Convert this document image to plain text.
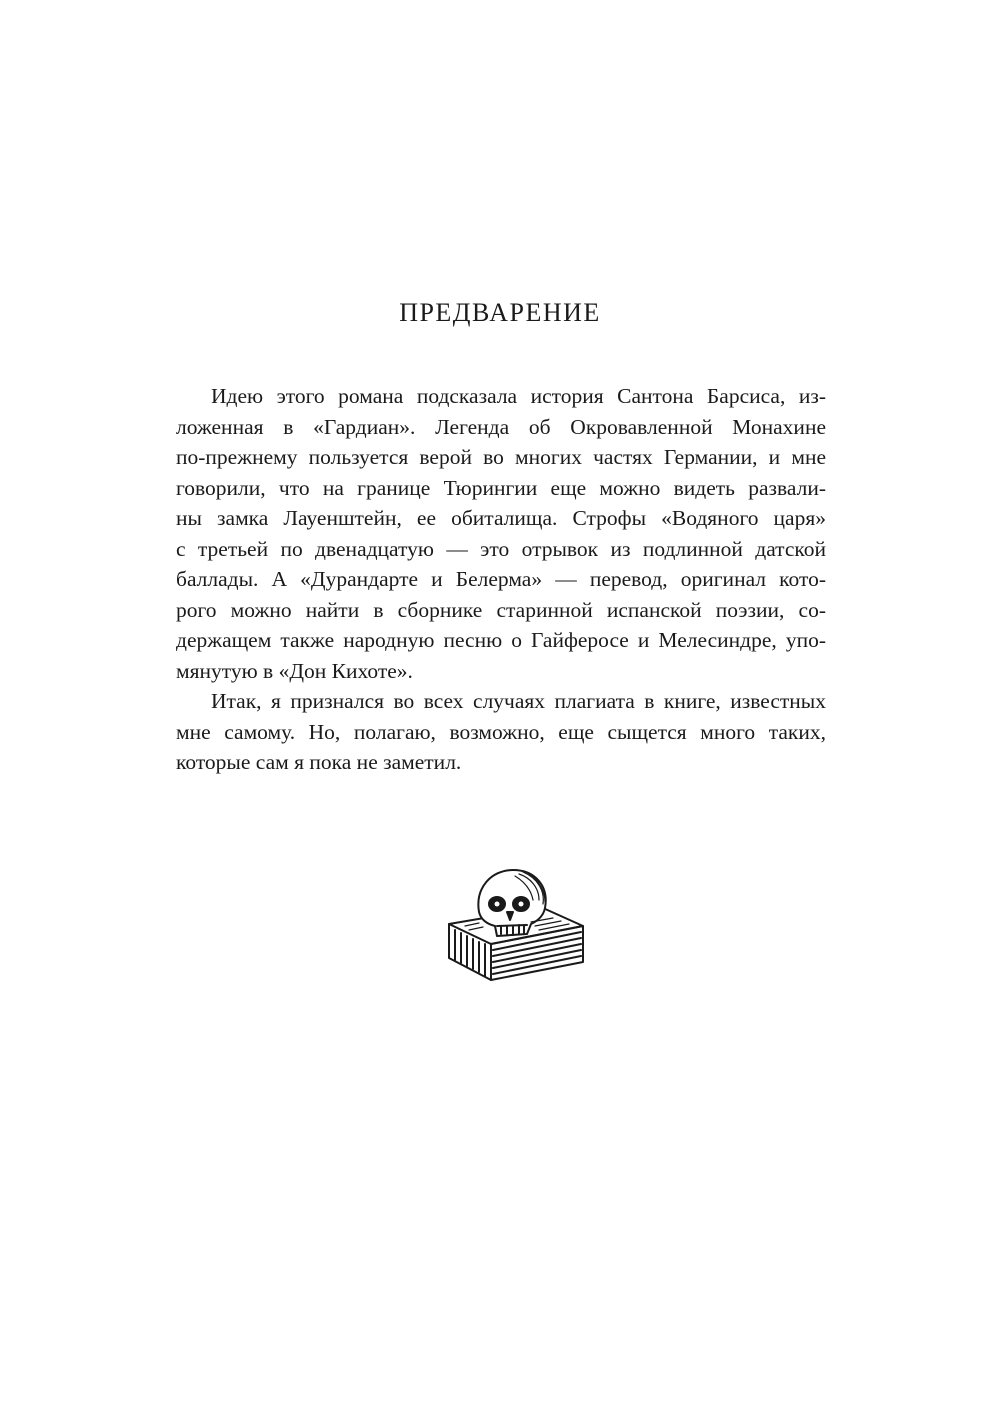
ПРЕДВАРЕНИЕ
Идею этого романа подсказала история Сантона Барсиса, из-
ложенная в «Гардиан». Легенда об Окровавленной Монахине
по-прежнему пользуется верой во многих частях Германии, и мне
говорили, что на границе Тюрингии еще можно видеть развали-
ны замка Лауенштейн, ее обиталища. Строфы «Водяного царя»
с третьей по двенадцатую — это отрывок из подлинной датской
баллады. А «Дурандарте и Белерма» — перевод, оригинал кото-
рого можно найти в сборнике старинной испанской поэзии, со-
держащем также народную песню о Гайферосе и Мелесиндре, упо-
мянутую в «Дон Кихоте».
Итак, я признался во всех случаях плагиата в книге, известных
мне самому. Но, полагаю, возможно, еще сыщется много таких,
которые сам я пока не заметил.
